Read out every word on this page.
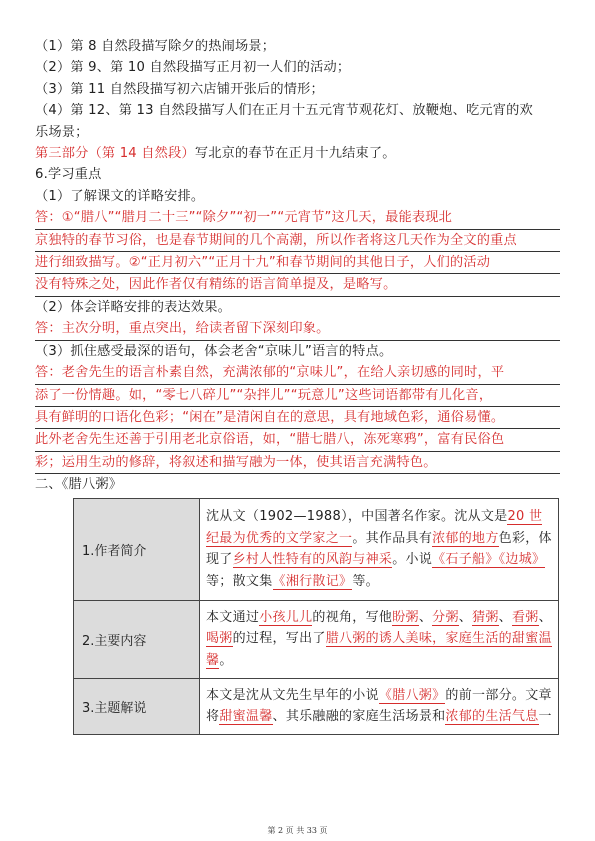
（1）第 8 自然段描写除夕的热闹场景；
（2）第 9、第 10 自然段描写正月初一人们的活动；
（3）第 11 自然段描写初六店铺开张后的情形；
（4）第 12、第 13 自然段描写人们在正月十五元宵节观花灯、放鞭炮、吃元宵的欢
乐场景；
第三部分（第 14 自然段）写北京的春节在正月十九结束了。
6.学习重点
（1）了解课文的详略安排。
答：①“腊八”“腊月二十三”“除夕”“初一”“元宵节”这几天，最能表现北
京独特的春节习俗，也是春节期间的几个高潮，所以作者将这几天作为全文的重点
进行细致描写。②“正月初六”“正月十九”和春节期间的其他日子，人们的活动
没有特殊之处，因此作者仅有精练的语言简单提及，是略写。
（2）体会详略安排的表达效果。
答：主次分明，重点突出，给读者留下深刻印象。
（3）抓住感受最深的语句，体会老舍“京味儿”语言的特点。
答：老舍先生的语言朴素自然，充满浓郁的“京味儿”，在给人亲切感的同时，平
添了一份情趣。如，“零七八碎儿”“杂拌儿”“玩意儿”这些词语都带有儿化音，
具有鲜明的口语化色彩；“闲在”是清闲自在的意思，具有地域色彩，通俗易懂。
此外老舍先生还善于引用老北京俗语，如，“腊七腊八，冻死寒鸦”，富有民俗色
彩；运用生动的修辞，将叙述和描写融为一体，使其语言充满特色。
二、《腊八粥》
1.作者简介	沈从文（1902—1988），中国著名作家。沈从文是20 世纪最为优秀的文学家之一。其作品具有浓郁的地方色彩，体现了乡村人性特有的风韵与神采。小说《石子船》《边城》等；散文集《湘行散记》等。
2.主要内容	本文通过小孩儿儿的视角，写他盼粥、分粥、猜粥、看粥、喝粥的过程，写出了腊八粥的诱人美味，家庭生活的甜蜜温馨。
3.主题解说	本文是沈从文先生早年的小说《腊八粥》的前一部分。文章将甜蜜温馨、其乐融融的家庭生活场景和浓郁的生活气息一
第 2 页 共 33 页
